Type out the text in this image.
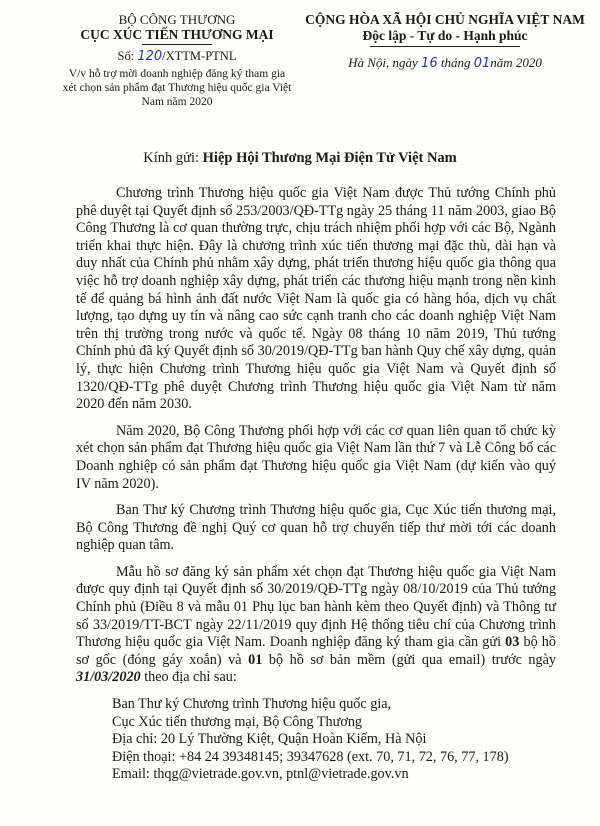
BỘ CÔNG THƯƠNG
CỤC XÚC TIẾN THƯƠNG MẠI
Số: 120/XTTM-PTNL
V/v hỗ trợ mời doanh nghiệp đăng ký tham gia xét chọn sản phẩm đạt Thương hiệu quốc gia Việt Nam năm 2020
CỘNG HÒA XÃ HỘI CHỦ NGHĨA VIỆT NAM
Độc lập - Tự do - Hạnh phúc
Hà Nội, ngày 16 tháng 01năm 2020
Kính gửi: Hiệp Hội Thương Mại Điện Tử Việt Nam

Chương trình Thương hiệu quốc gia Việt Nam được Thủ tướng Chính phủ phê duyệt tại Quyết định số 253/2003/QĐ-TTg ngày 25 tháng 11 năm 2003, giao Bộ Công Thương là cơ quan thường trực, chịu trách nhiệm phối hợp với các Bộ, Ngành triển khai thực hiện. Đây là chương trình xúc tiến thương mại đặc thù, dài hạn và duy nhất của Chính phủ nhằm xây dựng, phát triển thương hiệu quốc gia thông qua việc hỗ trợ doanh nghiệp xây dựng, phát triển các thương hiệu mạnh trong nền kinh tế để quảng bá hình ảnh đất nước Việt Nam là quốc gia có hàng hóa, dịch vụ chất lượng, tạo dựng uy tín và nâng cao sức cạnh tranh cho các doanh nghiệp Việt Nam trên thị trường trong nước và quốc tế. Ngày 08 tháng 10 năm 2019, Thủ tướng Chính phủ đã ký Quyết định số 30/2019/QĐ-TTg ban hành Quy chế xây dựng, quản lý, thực hiện Chương trình Thương hiệu quốc gia Việt Nam và Quyết định số 1320/QĐ-TTg phê duyệt Chương trình Thương hiệu quốc gia Việt Nam từ năm 2020 đến năm 2030.

Năm 2020, Bộ Công Thương phối hợp với các cơ quan liên quan tổ chức kỳ xét chọn sản phẩm đạt Thương hiệu quốc gia Việt Nam lần thứ 7 và Lễ Công bố các Doanh nghiệp có sản phẩm đạt Thương hiệu quốc gia Việt Nam (dự kiến vào quý IV năm 2020).

Ban Thư ký Chương trình Thương hiệu quốc gia, Cục Xúc tiến thương mại, Bộ Công Thương đề nghị Quý cơ quan hỗ trợ chuyển tiếp thư mời tới các doanh nghiệp quan tâm.

Mẫu hồ sơ đăng ký sản phẩm xét chọn đạt Thương hiệu quốc gia Việt Nam được quy định tại Quyết định số 30/2019/QĐ-TTg ngày 08/10/2019 của Thủ tướng Chính phủ (Điều 8 và mẫu 01 Phụ lục ban hành kèm theo Quyết định) và Thông tư số 33/2019/TT-BCT ngày 22/11/2019 quy định Hệ thống tiêu chí của Chương trình Thương hiệu quốc gia Việt Nam. Doanh nghiệp đăng ký tham gia cần gửi 03 bộ hồ sơ gốc (đóng gáy xoắn) và 01 bộ hồ sơ bản mềm (gửi qua email) trước ngày 31/03/2020 theo địa chỉ sau:

Ban Thư ký Chương trình Thương hiệu quốc gia,
Cục Xúc tiến thương mại, Bộ Công Thương
Địa chỉ: 20 Lý Thường Kiệt, Quận Hoàn Kiếm, Hà Nội
Điện thoại: +84 24 39348145; 39347628 (ext. 70, 71, 72, 76, 77, 178)
Email: thqg@vietrade.gov.vn, ptnl@vietrade.gov.vn
